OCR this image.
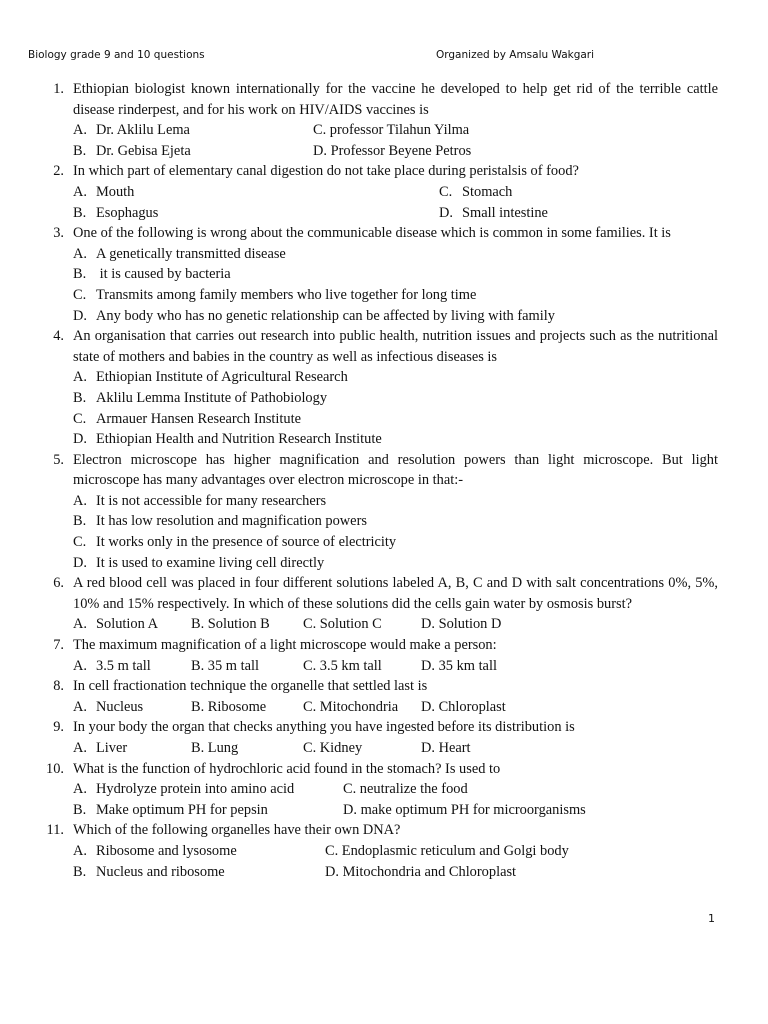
Biology grade 9 and 10 questions	Organized by Amsalu Wakgari
1. Ethiopian biologist known internationally for the vaccine he developed to help get rid of the terrible cattle disease rinderpest, and for his work on HIV/AIDS vaccines is
A. Dr. Aklilu Lema	C. professor Tilahun Yilma
B. Dr. Gebisa Ejeta	D. Professor Beyene Petros
2. In which part of elementary canal digestion do not take place during peristalsis of food?
A. Mouth	C. Stomach
B. Esophagus	D. Small intestine
3. One of the following is wrong about the communicable disease which is common in some families. It is
A. A genetically transmitted disease
B. it is caused by bacteria
C. Transmits among family members who live together for long time
D. Any body who has no genetic relationship can be affected by living with family
4. An organisation that carries out research into public health, nutrition issues and projects such as the nutritional state of mothers and babies in the country as well as infectious diseases is
A. Ethiopian Institute of Agricultural Research
B. Aklilu Lemma Institute of Pathobiology
C. Armauer Hansen Research Institute
D. Ethiopian Health and Nutrition Research Institute
5. Electron microscope has higher magnification and resolution powers than light microscope. But light microscope has many advantages over electron microscope in that:-
A. It is not accessible for many researchers
B. It has low resolution and magnification powers
C. It works only in the presence of source of electricity
D. It is used to examine living cell directly
6. A red blood cell was placed in four different solutions labeled A, B, C and D with salt concentrations 0%, 5%, 10% and 15% respectively. In which of these solutions did the cells gain water by osmosis burst?
A. Solution A B. Solution B C. Solution C	D. Solution D
7. The maximum magnification of a light microscope would make a person:
A. 3.5 m tall	B. 35 m tall	C. 3.5 km tall	D. 35 km tall
8. In cell fractionation technique the organelle that settled last is
A. Nucleus	B. Ribosome	C. Mitochondria D. Chloroplast
9. In your body the organ that checks anything you have ingested before its distribution is
A. Liver	B. Lung	C. Kidney	D. Heart
10. What is the function of hydrochloric acid found in the stomach? Is used to
A. Hydrolyze protein into amino acid	C. neutralize the food
B. Make optimum PH for pepsin	D. make optimum PH for microorganisms
11. Which of the following organelles have their own DNA?
A. Ribosome and lysosome	C. Endoplasmic reticulum and Golgi body
B. Nucleus and ribosome	D. Mitochondria and Chloroplast
1
